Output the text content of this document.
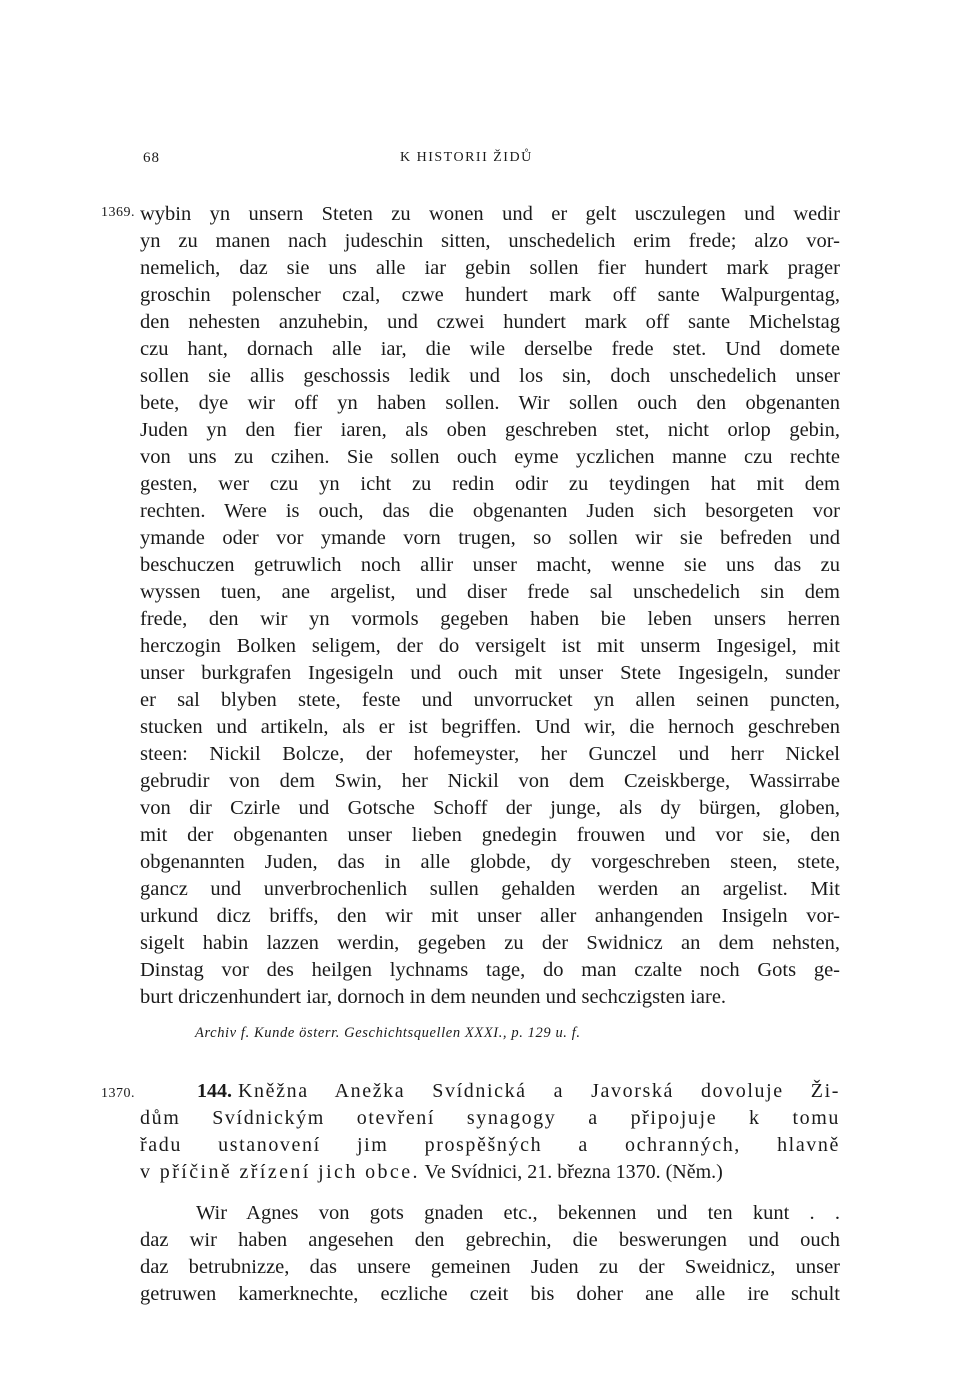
68	K HISTORII ŽIDŮ
1369. wybin yn unsern Steten zu wonen und er gelt usczulegen und wedir
yn zu manen nach judeschin sitten, unschedelich erim frede; alzo vor-
nemelich, daz sie uns alle iar gebin sollen fier hundert mark prager
groschin polenscher czal, czwe hundert mark off sante Walpurgentag,
den nehesten anzuhebin, und czwei hundert mark off sante Michelstag
czu hant, dornach alle iar, die wile derselbe frede stet. Und domete
sollen sie allis geschossis ledik und los sin, doch unschedelich unser
bete, dye wir off yn haben sollen. Wir sollen ouch den obgenanten
Juden yn den fier iaren, als oben geschreben stet, nicht orlop gebin,
von uns zu czihen. Sie sollen ouch eyme yczlichen manne czu rechte
gesten, wer czu yn icht zu redin odir zu teydingen hat mit dem
rechten. Were is ouch, das die obgenanten Juden sich besorgeten vor
ymande oder vor ymande vorn trugen, so sollen wir sie befreden und
beschuczen getruwlich noch allir unser macht, wenne sie uns das zu
wyssen tuen, ane argelist, und diser frede sal unschedelich sin dem
frede, den wir yn vormols gegeben haben bie leben unsers herren
herczogin Bolken seligem, der do versigelt ist mit unserm Ingesigel, mit
unser burkgrafen Ingesigeln und ouch mit unser Stete Ingesigeln, sunder
er sal blyben stete, feste und unvorrucket yn allen seinen puncten,
stucken und artikeln, als er ist begriffen. Und wir, die hernoch geschreben
steen: Nickil Bolcze, der hofemeyster, her Gunczel und herr Nickel
gebrudir von dem Swin, her Nickil von dem Czeiskberge, Wassirrabe
von dir Czirle und Gotsche Schoff der junge, als dy bürgen, globen,
mit der obgenanten unser lieben gnedegin frouwen und vor sie, den
obgenannten Juden, das in alle globde, dy vorgeschreben steen, stete,
gancz und unverbrochenlich sullen gehalden werden an argelist. Mit
urkund dicz briffs, den wir mit unser aller anhangenden Insigeln vor-
sigelt habin lazzen werdin, gegeben zu der Swidnicz an dem nehsten,
Dinstag vor des heilgen lychnams tage, do man czalte noch Gots ge-
burt driczenhundert iar, dornoch in dem neunden und sechczigsten iare.
Archiv f. Kunde österr. Geschichtsquellen XXXI., p. 129 u. f.
1370.	144. Kněžna Anežka Svídnická a Javorská dovoluje Ži-
dům Svídnickým otevření synagogy a připojuje k tomu
řadu ustanovení jim prospěšných a ochranných, hlavně
v příčině zřízení jich obce. Ve Svídnici, 21. března 1370. (Něm.)
Wir Agnes von gots gnaden etc., bekennen und ten kunt . .
daz wir haben angesehen den gebrechin, die beswerungen und ouch
daz betrubnizze, das unsere gemeinen Juden zu der Sweidnicz, unser
getruwen kamerknechte, eczliche czeit bis doher ane alle ire schult
